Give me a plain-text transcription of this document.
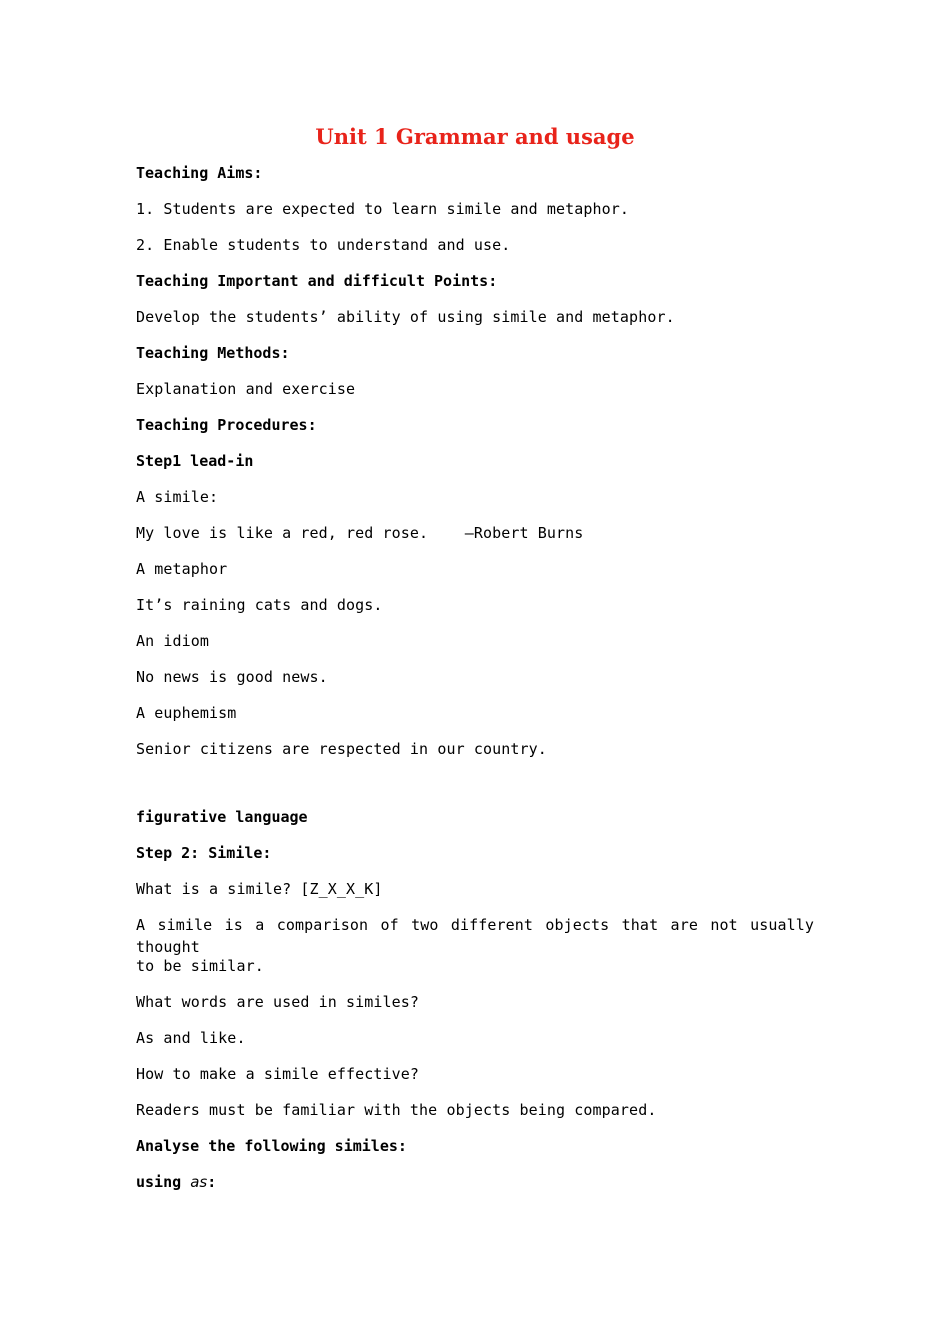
Unit 1 Grammar and usage
Teaching Aims:
1. Students are expected to learn simile and metaphor.
2. Enable students to understand and use.
Teaching Important and difficult Points:
Develop the students’ ability of using simile and metaphor.
Teaching Methods:
Explanation and exercise
Teaching Procedures:
Step1 lead-in
A simile:
My love is like a red, red rose.    —Robert Burns
A metaphor
It’s raining cats and dogs.
An idiom
No news is good news.
A euphemism
Senior citizens are respected in our country.
figurative language
Step 2: Simile:
What is a simile? [Z_X_X_K]
A simile is a comparison of two different objects that are not usually thought
to be similar.
What words are used in similes?
As and like.
How to make a simile effective?
Readers must be familiar with the objects being compared.
Analyse the following similes:
using as:
